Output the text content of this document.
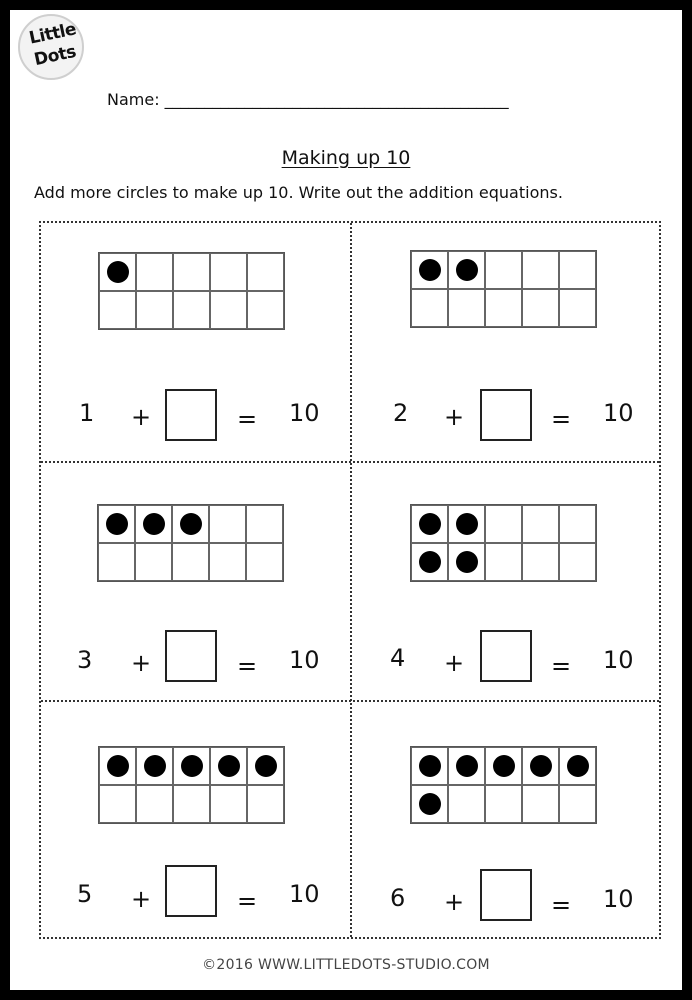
Little
Dots
Name: ___________________________________________
Making up 10
Add more circles to make up 10. Write out the addition equations.
1 +	= 10	2 +	= 10
3 +	= 10	4 +	= 10
5 +	= 10	6 +	= 10
©2016 WWW.LITTLEDOTS-STUDIO.COM
